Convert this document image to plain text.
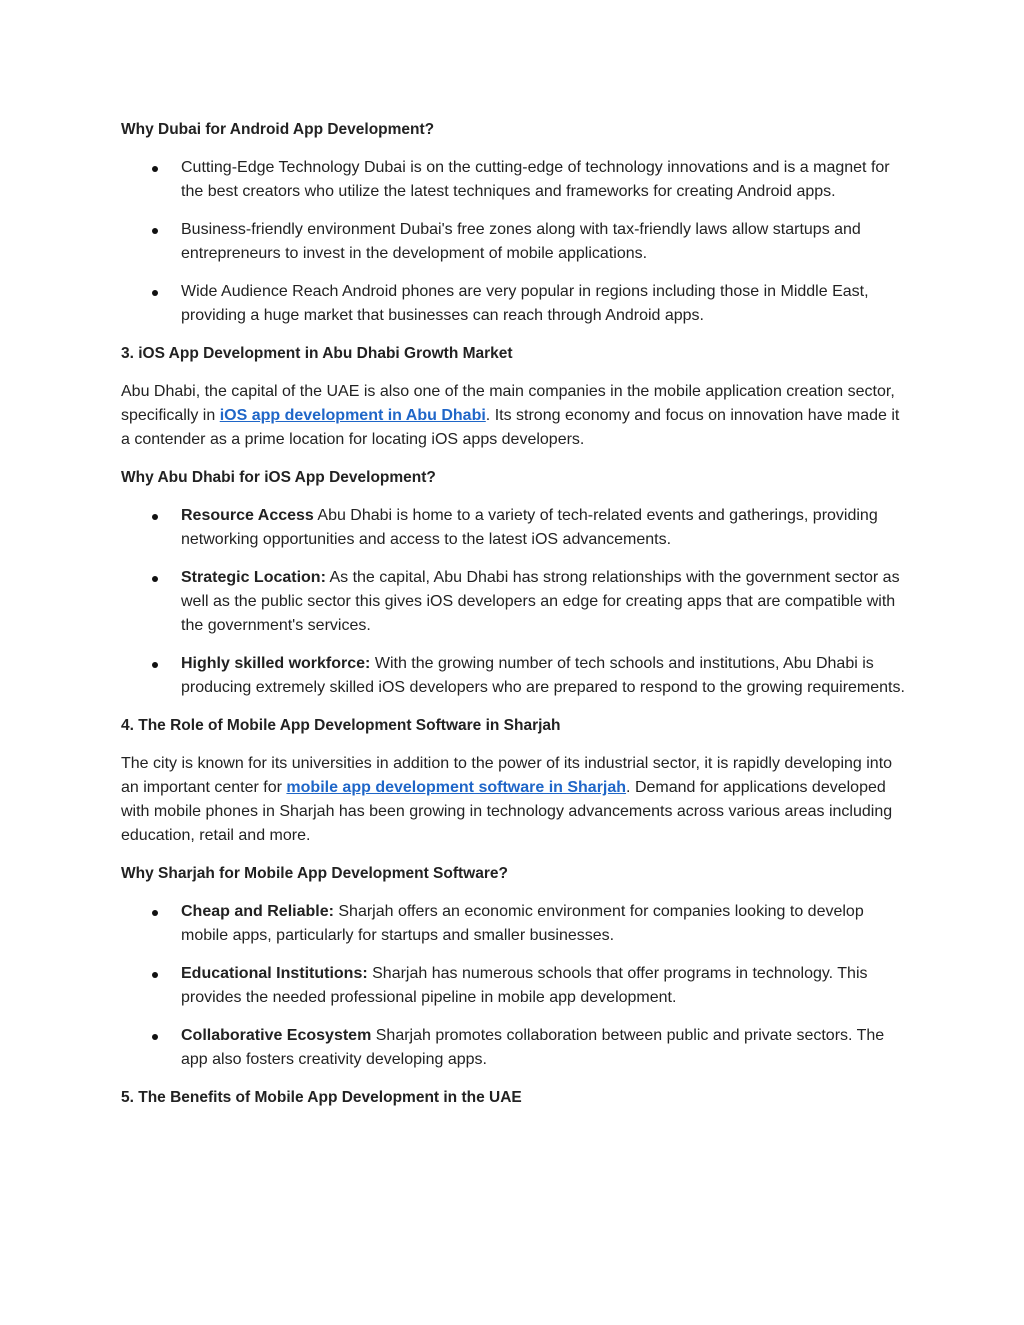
Why Dubai for Android App Development?
Cutting-Edge Technology Dubai is on the cutting-edge of technology innovations and is a magnet for the best creators who utilize the latest techniques and frameworks for creating Android apps.
Business-friendly environment Dubai's free zones along with tax-friendly laws allow startups and entrepreneurs to invest in the development of mobile applications.
Wide Audience Reach Android phones are very popular in regions including those in Middle East, providing a huge market that businesses can reach through Android apps.
3. iOS App Development in Abu Dhabi Growth Market

Abu Dhabi, the capital of the UAE is also one of the main companies in the mobile application creation sector, specifically in iOS app development in Abu Dhabi. Its strong economy and focus on innovation have made it a contender as a prime location for locating iOS apps developers.

Why Abu Dhabi for iOS App Development?
Resource Access Abu Dhabi is home to a variety of tech-related events and gatherings, providing networking opportunities and access to the latest iOS advancements.
Strategic Location: As the capital, Abu Dhabi has strong relationships with the government sector as well as the public sector this gives iOS developers an edge for creating apps that are compatible with the government's services.
Highly skilled workforce: With the growing number of tech schools and institutions, Abu Dhabi is producing extremely skilled iOS developers who are prepared to respond to the growing requirements.
4. The Role of Mobile App Development Software in Sharjah

The city is known for its universities in addition to the power of its industrial sector, it is rapidly developing into an important center for mobile app development software in Sharjah. Demand for applications developed with mobile phones in Sharjah has been growing in technology advancements across various areas including education, retail and more.

Why Sharjah for Mobile App Development Software?
Cheap and Reliable: Sharjah offers an economic environment for companies looking to develop mobile apps, particularly for startups and smaller businesses.
Educational Institutions: Sharjah has numerous schools that offer programs in technology. This provides the needed professional pipeline in mobile app development.
Collaborative Ecosystem Sharjah promotes collaboration between public and private sectors. The app also fosters creativity developing apps.
5. The Benefits of Mobile App Development in the UAE
